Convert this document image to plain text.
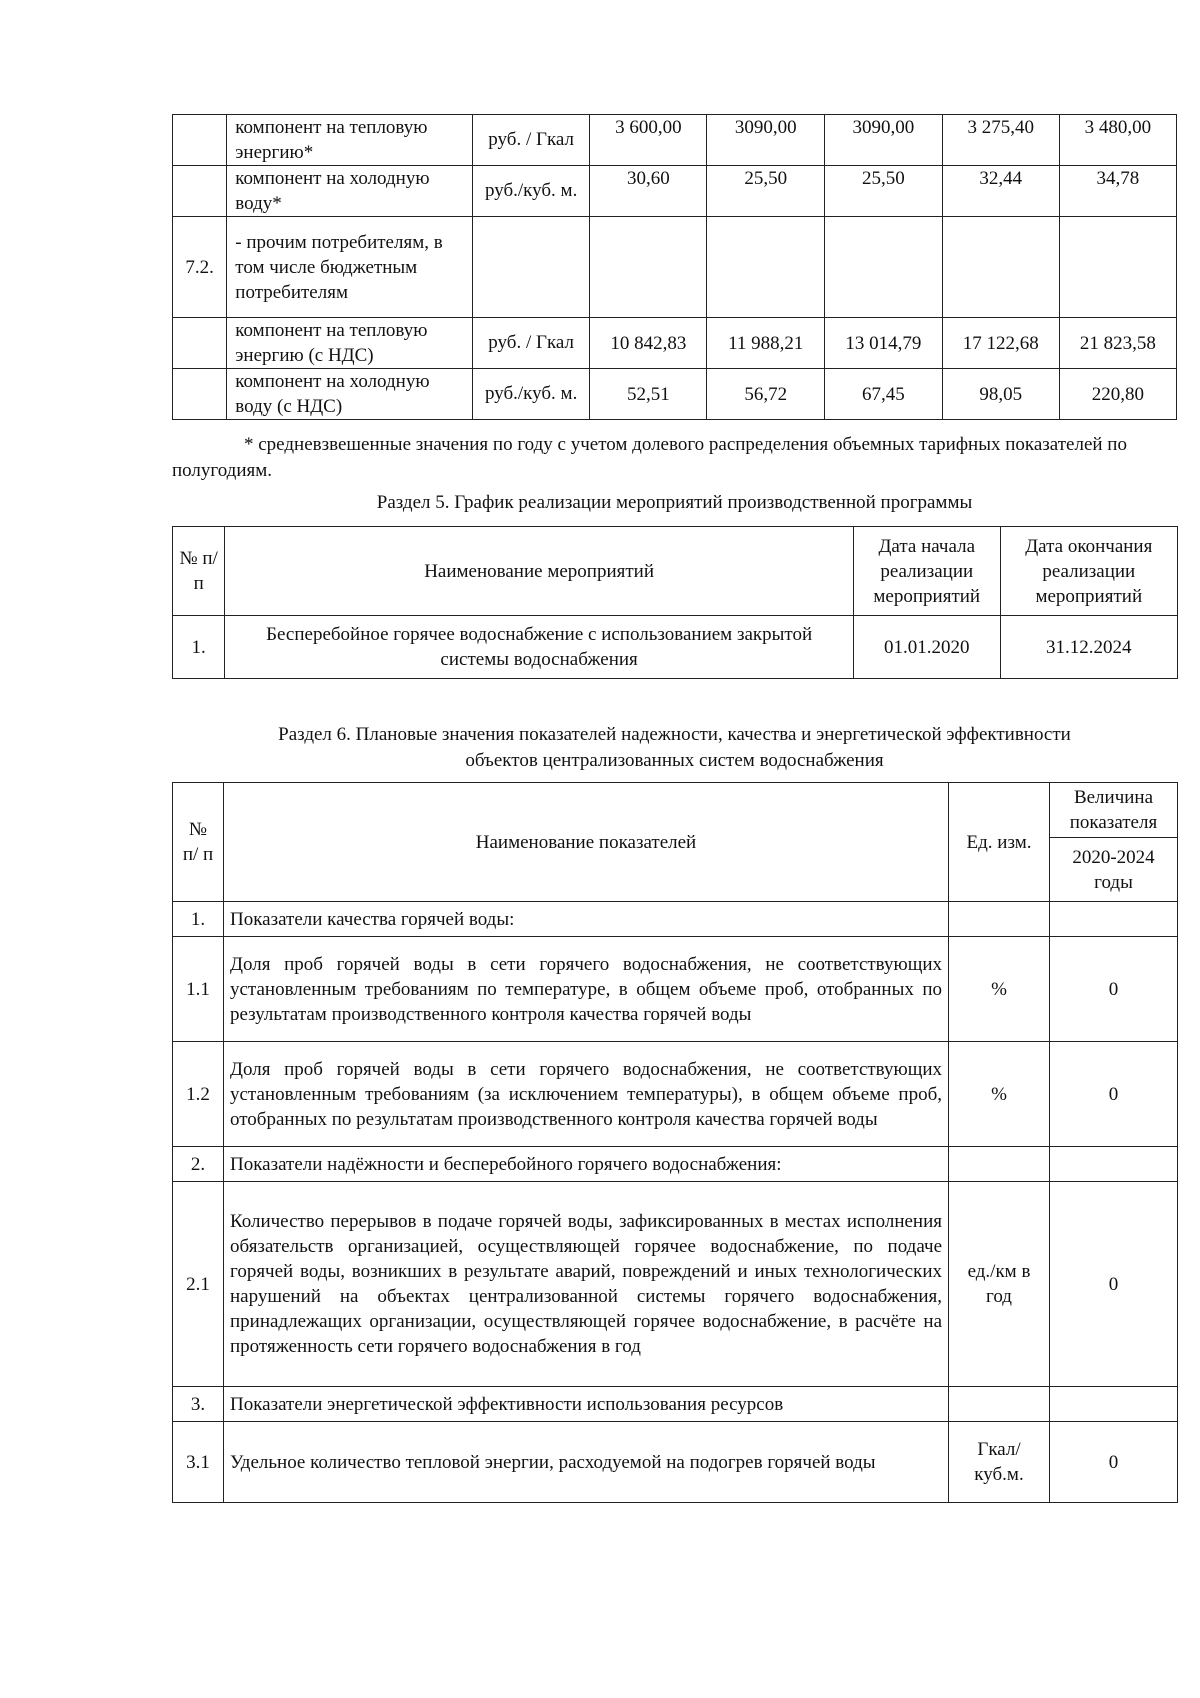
	компонент на тепловую энергию*	руб. / Гкал	3 600,00	3090,00	3090,00	3 275,40	3 480,00
	компонент на холодную воду*	руб./куб. м.	30,60	25,50	25,50	32,44	34,78
7.2.	- прочим потребителям, в том числе бюджетным потребителям						
	компонент на тепловую энергию (с НДС)	руб. / Гкал	10 842,83	11 988,21	13 014,79	17 122,68	21 823,58
	компонент на холодную воду (с НДС)	руб./куб. м.	52,51	56,72	67,45	98,05	220,80
* средневзвешенные значения по году с учетом долевого распределения объемных тарифных показателей по полугодиям.
Раздел 5. График реализации мероприятий производственной программы
№ п/п	Наименование мероприятий	Дата начала реализации мероприятий	Дата окончания реализации мероприятий
1.	Бесперебойное горячее водоснабжение с использованием закрытой системы водоснабжения	01.01.2020	31.12.2024
Раздел 6. Плановые значения показателей надежности, качества и энергетической эффективности
объектов централизованных систем водоснабжения
№ п/ п	Наименование показателей	Ед. изм.	Величина показателя
			2020-2024 годы
1.	Показатели качества горячей воды:		
1.1	Доля проб горячей воды в сети горячего водоснабжения, не соответствующих установленным требованиям по температуре, в общем объеме проб, отобранных по результатам производственного контроля качества горячей воды	%	0
1.2	Доля проб горячей воды в сети горячего водоснабжения, не соответствующих установленным требованиям (за исключением температуры), в общем объеме проб, отобранных по результатам производственного контроля качества горячей воды	%	0
2.	Показатели надёжности и бесперебойного горячего водоснабжения:		
2.1	Количество перерывов в подаче горячей воды, зафиксированных в местах исполнения обязательств организацией, осуществляющей горячее водоснабжение, по подаче горячей воды, возникших в результате аварий, повреждений и иных технологических нарушений на объектах централизованной системы горячего водоснабжения, принадлежащих организации, осуществляющей горячее водоснабжение, в расчёте на протяженность сети горячего водоснабжения в год	ед./км в год	0
3.	Показатели энергетической эффективности использования ресурсов		
3.1	Удельное количество тепловой энергии, расходуемой на подогрев горячей воды	Гкал/куб.м.	0
